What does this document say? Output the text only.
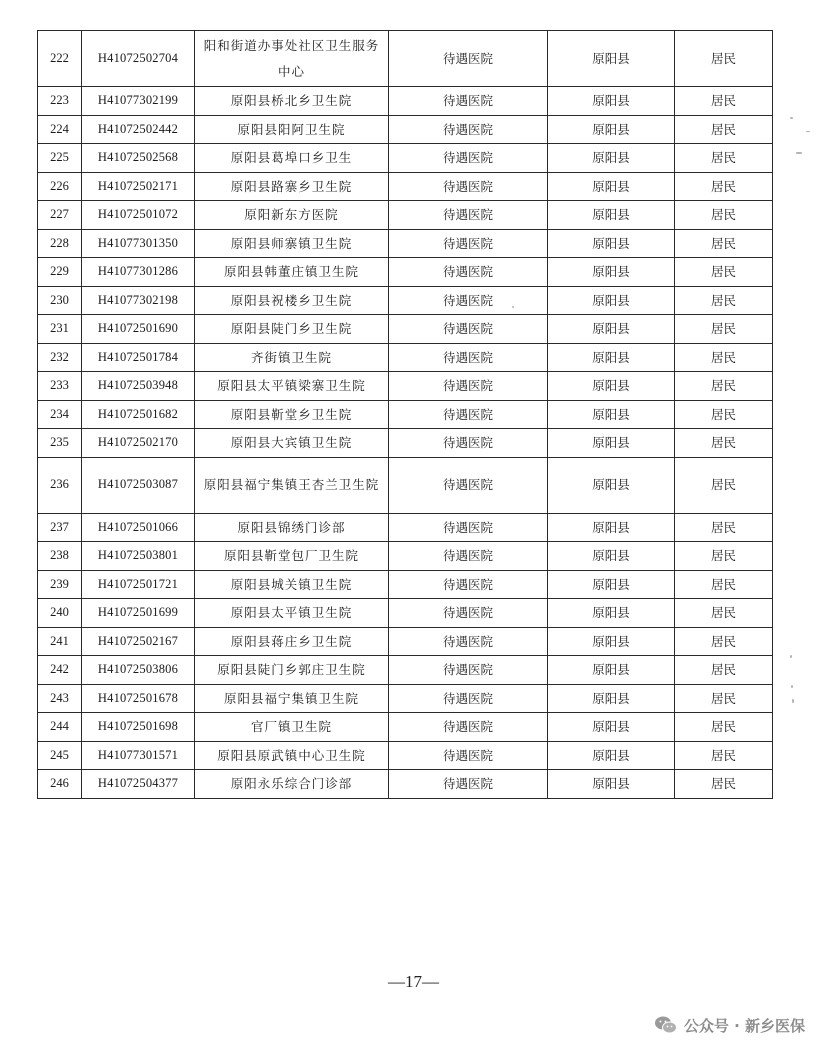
222	H41072502704	阳和街道办事处社区卫生服务中心	待遇医院	原阳县	居民
223	H41077302199	原阳县桥北乡卫生院	待遇医院	原阳县	居民
224	H41072502442	原阳县阳阿卫生院	待遇医院	原阳县	居民
225	H41072502568	原阳县葛埠口乡卫生	待遇医院	原阳县	居民
226	H41072502171	原阳县路寨乡卫生院	待遇医院	原阳县	居民
227	H41072501072	原阳新东方医院	待遇医院	原阳县	居民
228	H41077301350	原阳县师寨镇卫生院	待遇医院	原阳县	居民
229	H41077301286	原阳县韩董庄镇卫生院	待遇医院	原阳县	居民
230	H41077302198	原阳县祝楼乡卫生院	待遇医院	原阳县	居民
231	H41072501690	原阳县陡门乡卫生院	待遇医院	原阳县	居民
232	H41072501784	齐街镇卫生院	待遇医院	原阳县	居民
233	H41072503948	原阳县太平镇梁寨卫生院	待遇医院	原阳县	居民
234	H41072501682	原阳县靳堂乡卫生院	待遇医院	原阳县	居民
235	H41072502170	原阳县大宾镇卫生院	待遇医院	原阳县	居民
236	H41072503087	原阳县福宁集镇王杏兰卫生院	待遇医院	原阳县	居民
237	H41072501066	原阳县锦绣门诊部	待遇医院	原阳县	居民
238	H41072503801	原阳县靳堂包厂卫生院	待遇医院	原阳县	居民
239	H41072501721	原阳县城关镇卫生院	待遇医院	原阳县	居民
240	H41072501699	原阳县太平镇卫生院	待遇医院	原阳县	居民
241	H41072502167	原阳县蒋庄乡卫生院	待遇医院	原阳县	居民
242	H41072503806	原阳县陡门乡郭庄卫生院	待遇医院	原阳县	居民
243	H41072501678	原阳县福宁集镇卫生院	待遇医院	原阳县	居民
244	H41072501698	官厂镇卫生院	待遇医院	原阳县	居民
245	H41077301571	原阳县原武镇中心卫生院	待遇医院	原阳县	居民
246	H41072504377	原阳永乐综合门诊部	待遇医院	原阳县	居民
—17—
公众号 · 新乡医保
